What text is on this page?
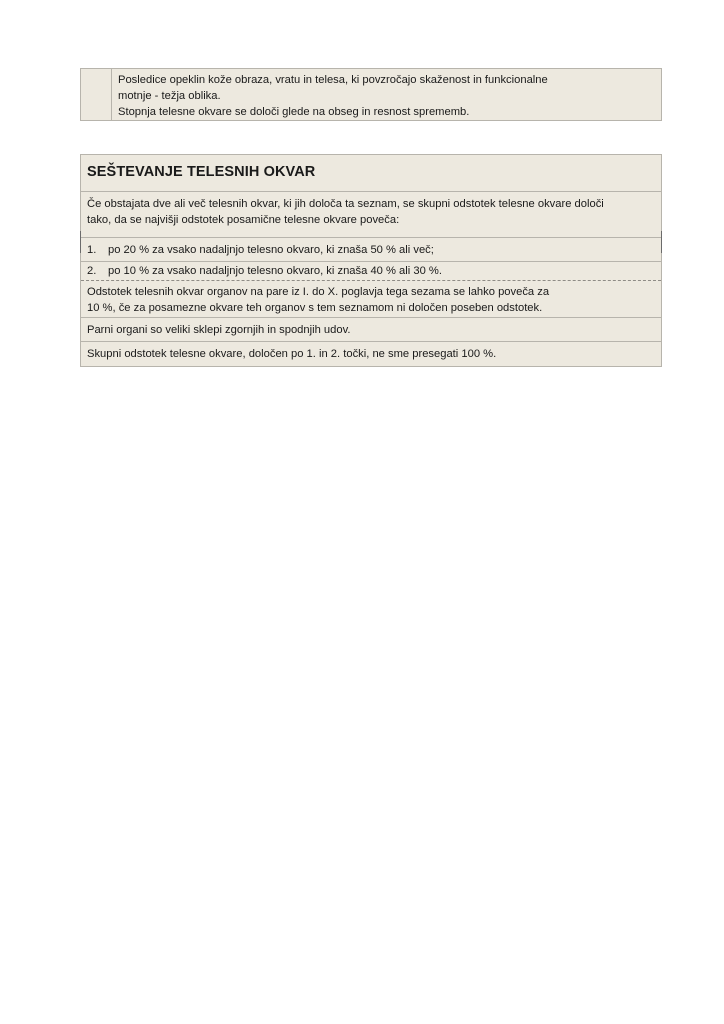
Posledice opeklin kože obraza, vratu in telesa, ki povzročajo skaženost in funkcionalne
motnje - težja oblika.
Stopnja telesne okvare se določi glede na obseg in resnost sprememb.
SEŠTEVANJE TELESNIH OKVAR
Če obstajata dve ali več telesnih okvar, ki jih določa ta seznam, se skupni odstotek telesne okvare določi
tako, da se najvišji odstotek posamične telesne okvare poveča:
1. po 20 % za vsako nadaljnjo telesno okvaro, ki znaša 50 % ali več;
2. po 10 % za vsako nadaljnjo telesno okvaro, ki znaša 40 % ali 30 %.
Odstotek telesnih okvar organov na pare iz I. do X. poglavja tega sezama se lahko poveča za
10 %, če za posamezne okvare teh organov s tem seznamom ni določen poseben odstotek.
Parni organi so veliki sklepi zgornjih in spodnjih udov.
Skupni odstotek telesne okvare, določen po 1. in 2. točki, ne sme presegati 100 %.
